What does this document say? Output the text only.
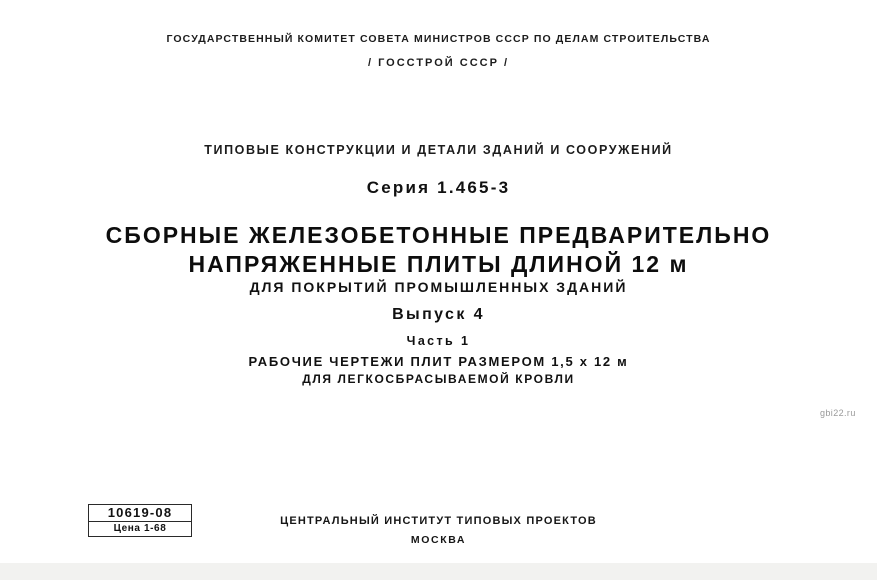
ГОСУДАРСТВЕННЫЙ КОМИТЕТ СОВЕТА МИНИСТРОВ СССР ПО ДЕЛАМ СТРОИТЕЛЬСТВА
/ ГОССТРОЙ СССР /
ТИПОВЫЕ КОНСТРУКЦИИ И ДЕТАЛИ ЗДАНИЙ И СООРУЖЕНИЙ
Серия 1.465-3
СБОРНЫЕ ЖЕЛЕЗОБЕТОННЫЕ ПРЕДВАРИТЕЛЬНО
НАПРЯЖЕННЫЕ ПЛИТЫ ДЛИНОЙ 12 м
ДЛЯ ПОКРЫТИЙ ПРОМЫШЛЕННЫХ ЗДАНИЙ
Выпуск 4
Часть 1
РАБОЧИЕ ЧЕРТЕЖИ ПЛИТ РАЗМЕРОМ 1,5 х 12 м
ДЛЯ ЛЕГКОСБРАСЫВАЕМОЙ КРОВЛИ
gbi22.ru
10619-08
Цена 1-68
ЦЕНТРАЛЬНЫЙ ИНСТИТУТ ТИПОВЫХ ПРОЕКТОВ
МОСКВА
